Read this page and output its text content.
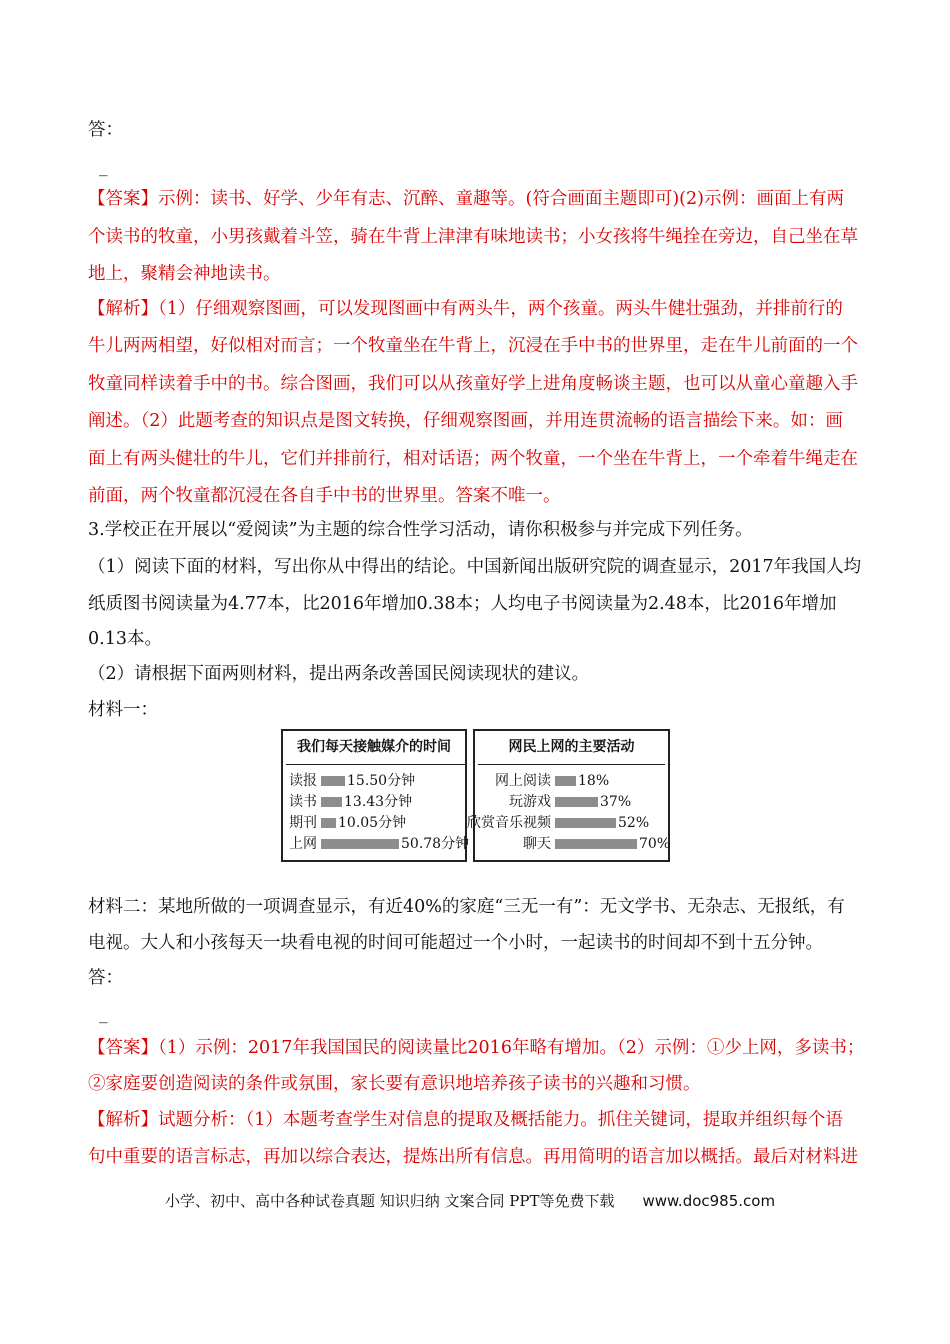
答：
_
【答案】示例：读书、好学、少年有志、沉醉、童趣等。(符合画面主题即可)(2)示例：画面上有两
个读书的牧童，小男孩戴着斗笠，骑在牛背上津津有味地读书；小女孩将牛绳拴在旁边，自己坐在草
地上，聚精会神地读书。
【解析】（1）仔细观察图画，可以发现图画中有两头牛，两个孩童。两头牛健壮强劲，并排前行的
牛儿两两相望，好似相对而言；一个牧童坐在牛背上，沉浸在手中书的世界里，走在牛儿前面的一个
牧童同样读着手中的书。综合图画，我们可以从孩童好学上进角度畅谈主题，也可以从童心童趣入手
阐述。（2）此题考查的知识点是图文转换，仔细观察图画，并用连贯流畅的语言描绘下来。如：画
面上有两头健壮的牛儿，它们并排前行，相对话语；两个牧童，一个坐在牛背上，一个牵着牛绳走在
前面，两个牧童都沉浸在各自手中书的世界里。答案不唯一。
3.学校正在开展以“爱阅读”为主题的综合性学习活动，请你积极参与并完成下列任务。
（1）阅读下面的材料，写出你从中得出的结论。中国新闻出版研究院的调查显示，2017年我国人均
纸质图书阅读量为4.77本，比2016年增加0.38本；人均电子书阅读量为2.48本，比2016年增加
0.13本。
（2）请根据下面两则材料，提出两条改善国民阅读现状的建议。
材料一：
我们每天接触媒介的时间
读报 15.50分钟
读书 13.43分钟
期刊 10.05分钟
上网	50.78分钟
网民上网的主要活动
网上阅读 18%
玩游戏	37%
欣赏音乐视频	52%
聊天	70%
材料二：某地所做的一项调查显示，有近40%的家庭“三无一有”：无文学书、无杂志、无报纸，有
电视。大人和小孩每天一块看电视的时间可能超过一个小时，一起读书的时间却不到十五分钟。
答：
_
【答案】（1）示例：2017年我国国民的阅读量比2016年略有增加。（2）示例：①少上网，多读书；
②家庭要创造阅读的条件或氛围，家长要有意识地培养孩子读书的兴趣和习惯。
【解析】试题分析：（1）本题考查学生对信息的提取及概括能力。抓住关键词，提取并组织每个语
句中重要的语言标志，再加以综合表达，提炼出所有信息。再用简明的语言加以概括。最后对材料进
小学、初中、高中各种试卷真题 知识归纳 文案合同 PPT等免费下载 www.doc985.com
